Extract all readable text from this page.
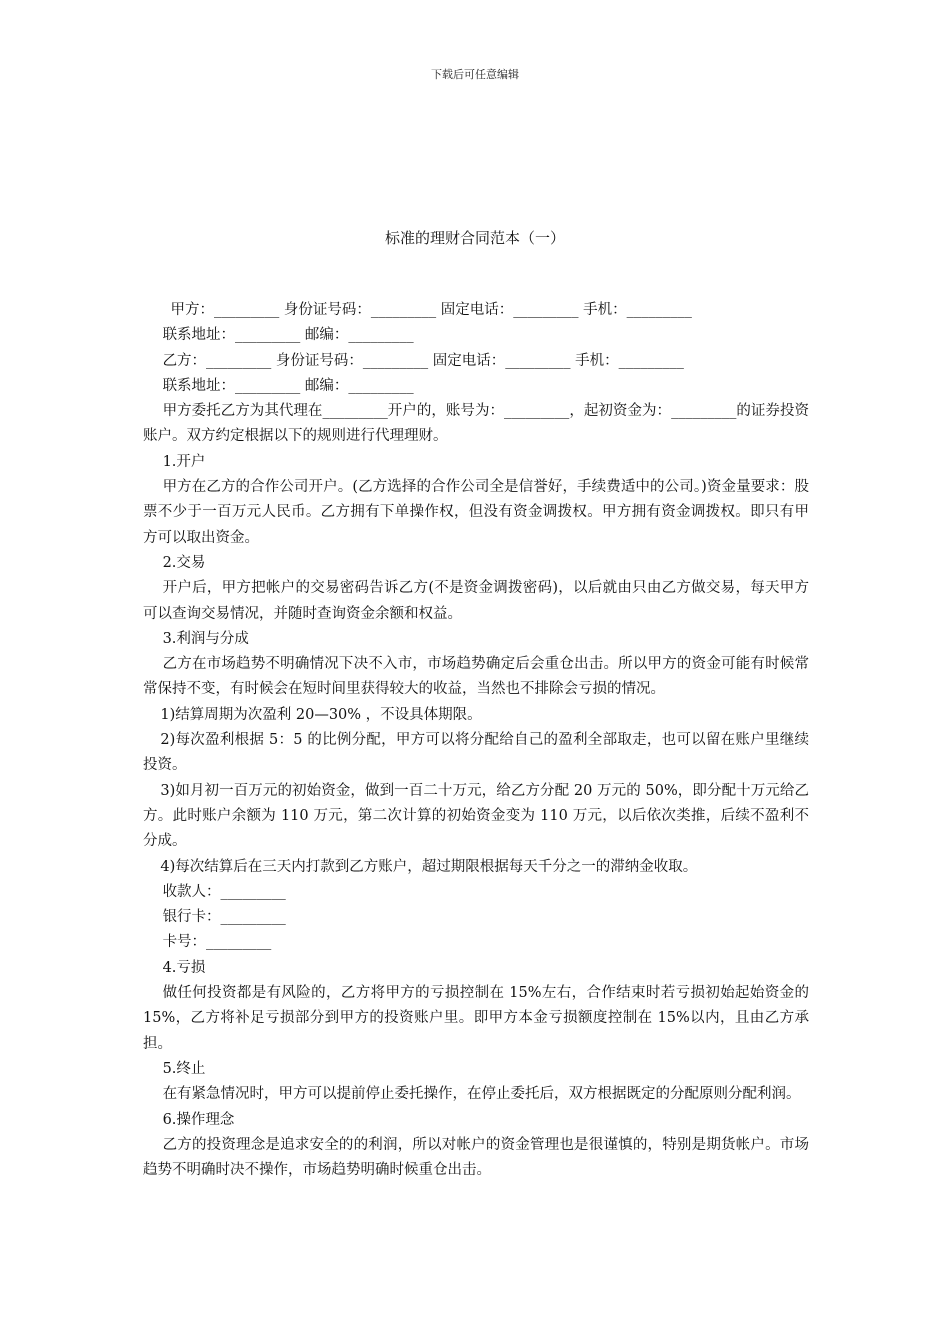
下载后可任意编辑
标准的理财合同范本（一）

甲方：_________ 身份证号码：_________ 固定电话：_________ 手机：_________

联系地址：_________ 邮编：_________

乙方：_________ 身份证号码：_________ 固定电话：_________ 手机：_________

联系地址：_________ 邮编：_________

甲方委托乙方为其代理在_________开户的，账号为：_________，起初资金为：_________的证券投资账户。双方约定根据以下的规则进行代理理财。

1.开户

甲方在乙方的合作公司开户。(乙方选择的合作公司全是信誉好，手续费适中的公司。)资金量要求：股票不少于一百万元人民币。乙方拥有下单操作权，但没有资金调拨权。甲方拥有资金调拨权。即只有甲方可以取出资金。

2.交易

开户后，甲方把帐户的交易密码告诉乙方(不是资金调拨密码)，以后就由只由乙方做交易，每天甲方可以查询交易情况，并随时查询资金余额和权益。

3.利润与分成

乙方在市场趋势不明确情况下决不入市，市场趋势确定后会重仓出击。所以甲方的资金可能有时候常常保持不变，有时候会在短时间里获得较大的收益，当然也不排除会亏损的情况。

1)结算周期为次盈利 20—30% ，不设具体期限。

2)每次盈利根据 5：5 的比例分配，甲方可以将分配给自己的盈利全部取走，也可以留在账户里继续投资。

3)如月初一百万元的初始资金，做到一百二十万元，给乙方分配 20 万元的 50%，即分配十万元给乙方。此时账户余额为 110 万元，第二次计算的初始资金变为 110 万元，以后依次类推，后续不盈利不分成。

4)每次结算后在三天内打款到乙方账户，超过期限根据每天千分之一的滞纳金收取。

收款人：_________

银行卡：_________

卡号：_________

4.亏损

做任何投资都是有风险的，乙方将甲方的亏损控制在 15%左右，合作结束时若亏损初始起始资金的 15%，乙方将补足亏损部分到甲方的投资账户里。即甲方本金亏损额度控制在 15%以内，且由乙方承担。

5.终止

在有紧急情况时，甲方可以提前停止委托操作，在停止委托后，双方根据既定的分配原则分配利润。

6.操作理念

乙方的投资理念是追求安全的的利润，所以对帐户的资金管理也是很谨慎的，特别是期货帐户。市场趋势不明确时决不操作，市场趋势明确时候重仓出击。
